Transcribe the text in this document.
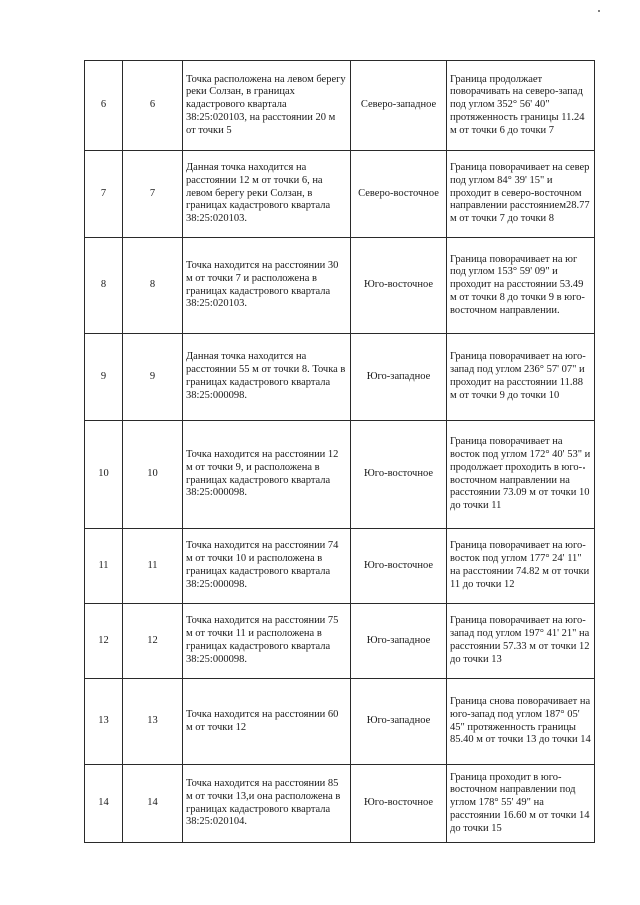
6	6	Точка расположена на левом берегу реки Солзан, в границах кадастрового квартала 38:25:020103, на расстоянии 20 м от точки 5	Северо-западное	Граница продолжает поворачивать на северо-запад под углом 352° 56' 40" протяженность границы 11.24 м от точки 6 до точки 7
7	7	Данная точка находится на расстоянии 12 м от точки 6, на левом берегу реки Солзан, в границах кадастрового квартала 38:25:020103.	Северо-восточное	Граница поворачивает на север под углом 84° 39' 15" и проходит в северо-восточном направлении расстоянием28.77 м от точки 7 до точки 8
8	8	Точка находится на расстоянии 30 м от точки 7 и расположена в границах кадастрового квартала 38:25:020103.	Юго-восточное	Граница поворачивает на юг под углом 153° 59' 09" и проходит на расстоянии 53.49 м от точки 8 до точки 9 в юго-восточном направлении.
9	9	Данная точка находится на расстоянии 55 м от точки 8. Точка в границах кадастрового квартала 38:25:000098.	Юго-западное	Граница поворачивает на юго-запад под углом 236° 57' 07" и проходит на расстоянии 11.88 м от точки 9 до точки 10
10	10	Точка находится на расстоянии 12 м от точки 9, и расположена в границах кадастрового квартала 38:25:000098.	Юго-восточное	Граница поворачивает на восток под углом 172° 40' 53" и продолжает проходить в юго-восточном направлении на расстоянии 73.09 м от точки 10 до точки 11
11	11	Точка находится на расстоянии 74 м от точки 10 и расположена в границах кадастрового квартала 38:25:000098.	Юго-восточное	Граница поворачивает на юго-восток под углом 177° 24' 11" на расстоянии 74.82 м от точки 11 до точки 12
12	12	Точка находится на расстоянии 75 м от точки 11 и расположена в границах кадастрового квартала 38:25:000098.	Юго-западное	Граница поворачивает на юго-запад под углом 197° 41' 21" на расстоянии 57.33 м от точки 12 до точки 13
13	13	Точка находится на расстоянии 60 м от точки 12	Юго-западное	Граница снова поворачивает на юго-запад под углом 187° 05' 45" протяженность границы 85.40 м от точки 13 до точки 14
14	14	Точка находится на расстоянии 85 м от точки 13,и она расположена в границах кадастрового квартала 38:25:020104.	Юго-восточное	Граница проходит в юго-восточном направлении под углом 178° 55' 49" на расстоянии 16.60 м от точки 14 до точки 15
